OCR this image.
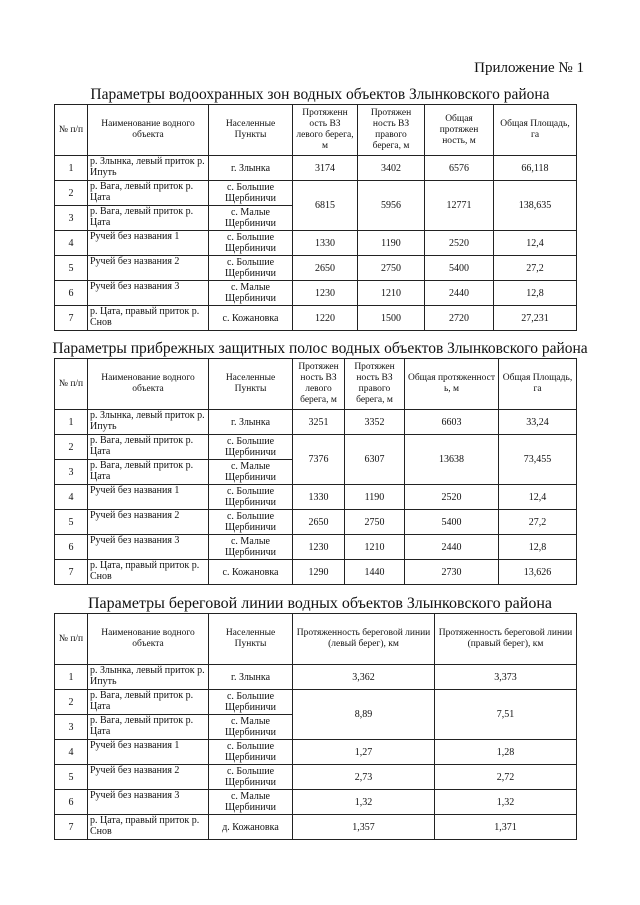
Приложение № 1
Параметры водоохранных зон водных объектов Злынковского района
№ п/п	Наименование водного объекта	Населенные Пункты	Протяженн ость ВЗ левого берега, м	Протяжен ность ВЗ правого берега, м	Общая протяжен ность, м	Общая Площадь, га
1	р. Злынка, левый приток р. Ипуть	г. Злынка	3174	3402	6576	66,118
2	р. Вага, левый приток р. Цата	с. Большие Щербиничи	6815	5956	12771	138,635
3	р. Вага, левый приток р. Цата	с. Малые Щербиничи				
4	Ручей без названия 1	с. Большие Щербиничи	1330	1190	2520	12,4
5	Ручей без названия 2	с. Большие Щербиничи	2650	2750	5400	27,2
6	Ручей без названия 3	с. Малые Щербиничи	1230	1210	2440	12,8
7	р. Цата, правый приток р. Снов	с. Кожановка	1220	1500	2720	27,231
Параметры прибрежных защитных полос водных объектов Злынковского района
№ п/п	Наименование водного объекта	Населенные Пункты	Протяжен ность ВЗ левого берега, м	Протяжен ность ВЗ правого берега, м	Общая протяженност ь, м	Общая Площадь, га
1	р. Злынка, левый приток р. Ипуть	г. Злынка	3251	3352	6603	33,24
2	р. Вага, левый приток р. Цата	с. Большие Щербиничи	7376	6307	13638	73,455
3	р. Вага, левый приток р. Цата	с. Малые Щербиничи				
4	Ручей без названия 1	с. Большие Щербиничи	1330	1190	2520	12,4
5	Ручей без названия 2	с. Большие Щербиничи	2650	2750	5400	27,2
6	Ручей без названия 3	с. Малые Щербиничи	1230	1210	2440	12,8
7	р. Цата, правый приток р. Снов	с. Кожановка	1290	1440	2730	13,626
Параметры береговой линии водных объектов Злынковского района
№ п/п	Наименование водного объекта	Населенные Пункты	Протяженность береговой линии (левый берег), км	Протяженность береговой линии (правый берег), км
1	р. Злынка, левый приток р. Ипуть	г. Злынка	3,362	3,373
2	р. Вага, левый приток р. Цата	с. Большие Щербиничи	8,89	7,51
3	р. Вага, левый приток р. Цата	с. Малые Щербиничи		
4	Ручей без названия 1	с. Большие Щербиничи	1,27	1,28
5	Ручей без названия 2	с. Большие Щербиничи	2,73	2,72
6	Ручей без названия 3	с. Малые Щербиничи	1,32	1,32
7	р. Цата, правый приток р. Снов	д. Кожановка	1,357	1,371
